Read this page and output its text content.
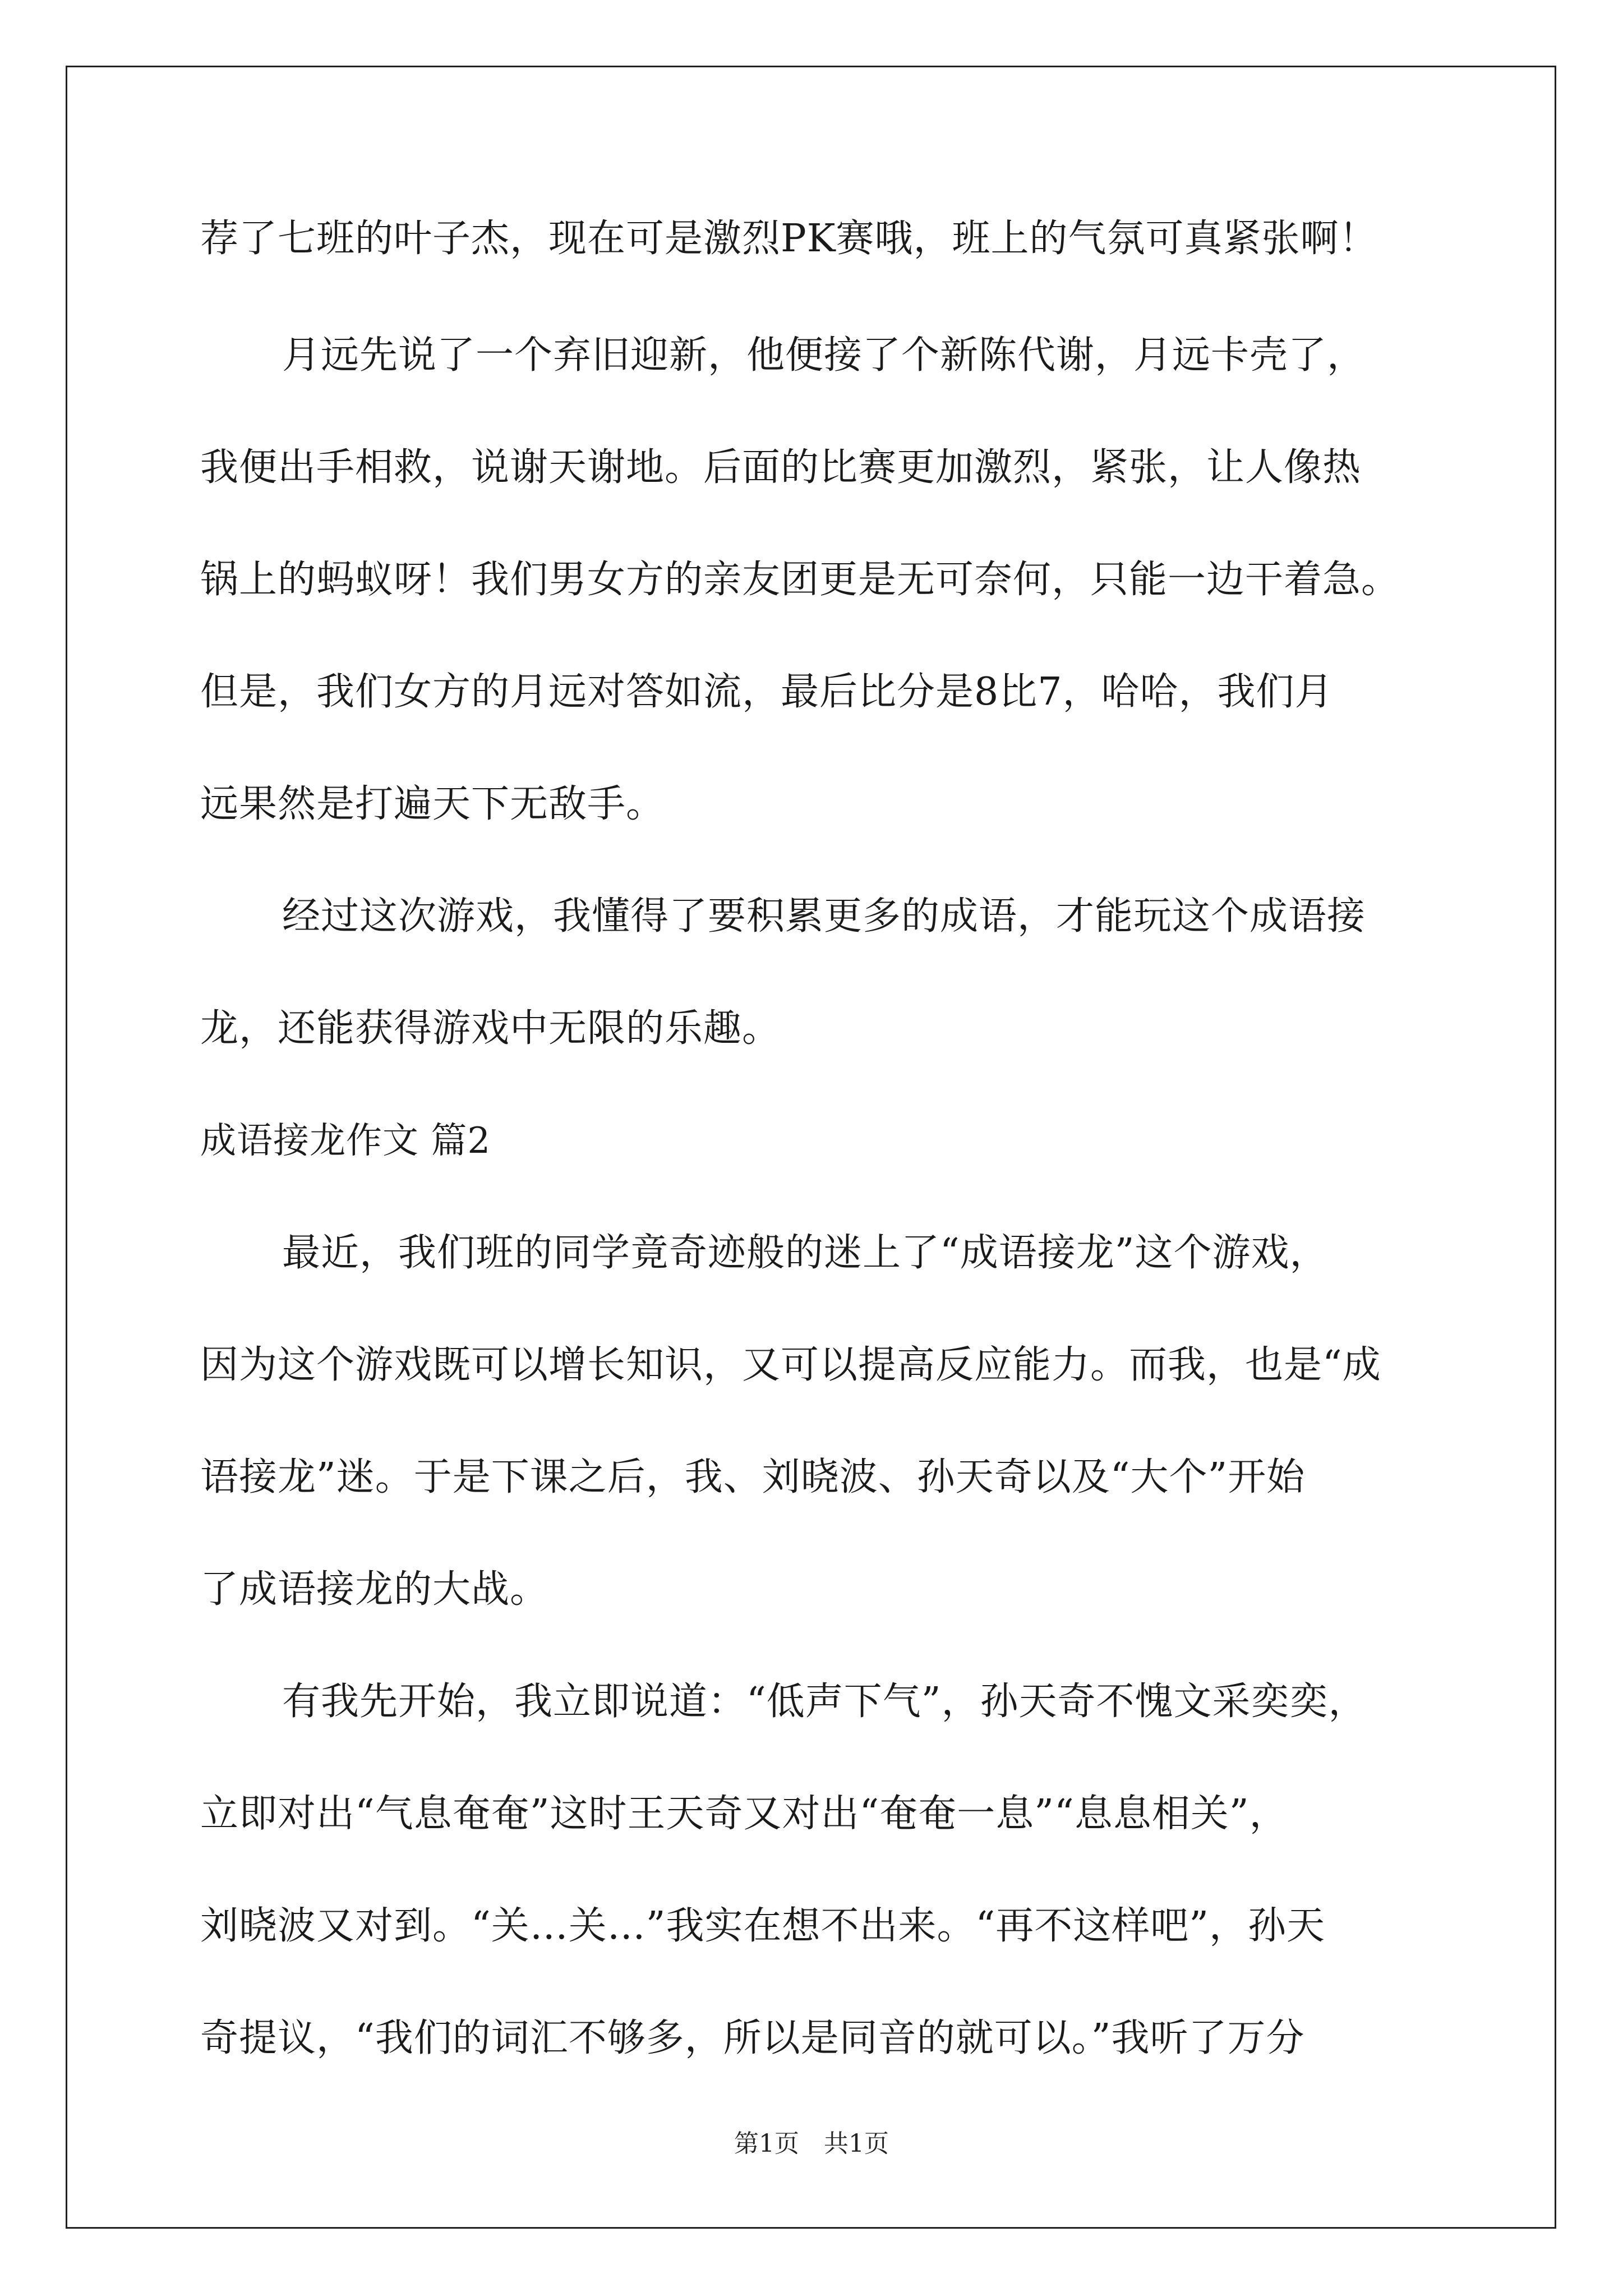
荐了七班的叶子杰，现在可是激烈PK赛哦，班上的气氛可真紧张啊！
月远先说了一个弃旧迎新，他便接了个新陈代谢，月远卡壳了，
我便出手相救，说谢天谢地。后面的比赛更加激烈，紧张，让人像热
锅上的蚂蚁呀！我们男女方的亲友团更是无可奈何，只能一边干着急。
但是，我们女方的月远对答如流，最后比分是8比7，哈哈，我们月
远果然是打遍天下无敌手。
经过这次游戏，我懂得了要积累更多的成语，才能玩这个成语接
龙，还能获得游戏中无限的乐趣。
成语接龙作文 篇2
最近，我们班的同学竟奇迹般的迷上了“成语接龙”这个游戏，
因为这个游戏既可以增长知识，又可以提高反应能力。而我，也是“成
语接龙”迷。于是下课之后，我、刘晓波、孙天奇以及“大个”开始
了成语接龙的大战。
有我先开始，我立即说道：“低声下气”，孙天奇不愧文采奕奕，
立即对出“气息奄奄”这时王天奇又对出“奄奄一息”“息息相关”，
刘晓波又对到。“关…关…”我实在想不出来。“再不这样吧”，孙天
奇提议，“我们的词汇不够多，所以是同音的就可以。”我听了万分
第1页　共1页
